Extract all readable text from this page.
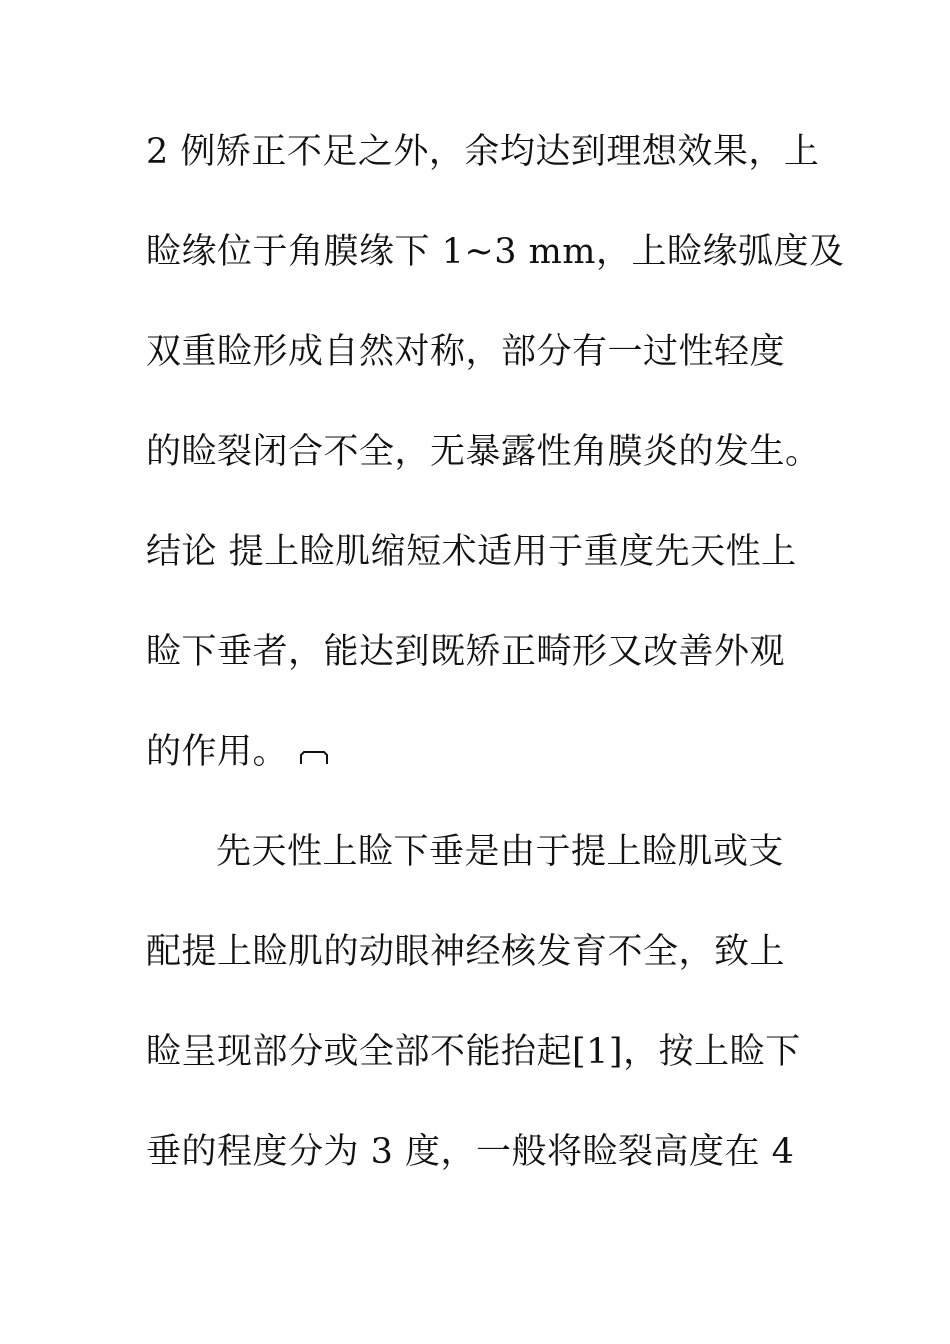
2 例矫正不足之外，余均达到理想效果，上
睑缘位于角膜缘下 1~3 mm，上睑缘弧度及
双重睑形成自然对称，部分有一过性轻度
的睑裂闭合不全，无暴露性角膜炎的发生。
结论 提上睑肌缩短术适用于重度先天性上
睑下垂者，能达到既矫正畸形又改善外观
的作用。
先天性上睑下垂是由于提上睑肌或支
配提上睑肌的动眼神经核发育不全，致上
睑呈现部分或全部不能抬起[1]，按上睑下
垂的程度分为 3 度，一般将睑裂高度在 4
